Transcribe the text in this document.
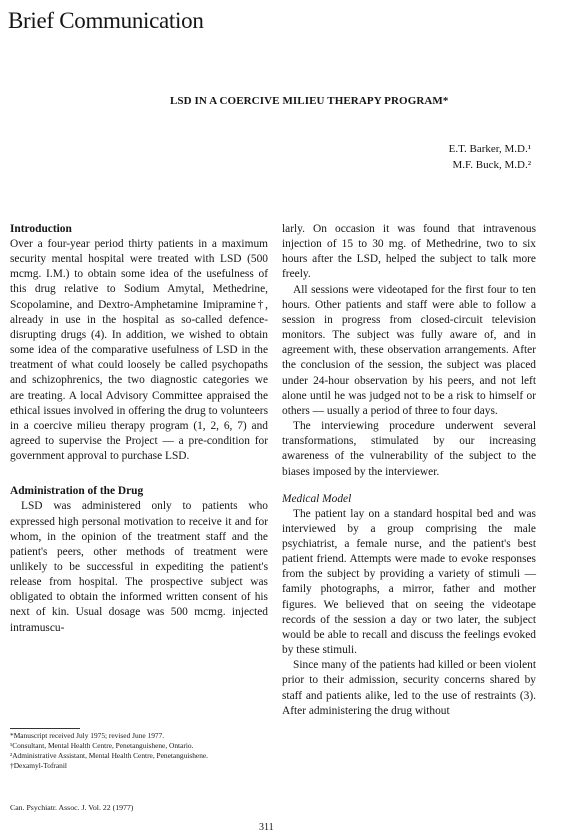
Brief Communication
LSD IN A COERCIVE MILIEU THERAPY PROGRAM*
E.T. Barker, M.D.¹
M.F. Buck, M.D.²
Introduction

Over a four-year period thirty patients in a maximum security mental hospital were treated with LSD (500 mcmg. I.M.) to obtain some idea of the usefulness of this drug relative to Sodium Amytal, Methedrine, Scopolamine, and Dextro-Amphetamine Imipramine†, already in use in the hospital as so-called defence-disrupting drugs (4). In addition, we wished to obtain some idea of the comparative usefulness of LSD in the treatment of what could loosely be called psychopaths and schizophrenics, the two diagnostic categories we are treating. A local Advisory Committee appraised the ethical issues involved in offering the drug to volunteers in a coercive milieu therapy program (1, 2, 6, 7) and agreed to supervise the Project — a pre-condition for government approval to purchase LSD.

Administration of the Drug

LSD was administered only to patients who expressed high personal motivation to receive it and for whom, in the opinion of the treatment staff and the patient's peers, other methods of treatment were unlikely to be successful in expediting the patient's release from hospital. The prospective subject was obligated to obtain the informed written consent of his next of kin. Usual dosage was 500 mcmg. injected intramuscu-

larly. On occasion it was found that intravenous injection of 15 to 30 mg. of Methedrine, two to six hours after the LSD, helped the subject to talk more freely.

All sessions were videotaped for the first four to ten hours. Other patients and staff were able to follow a session in progress from closed-circuit television monitors. The subject was fully aware of, and in agreement with, these observation arrangements. After the conclusion of the session, the subject was placed under 24-hour observation by his peers, and not left alone until he was judged not to be a risk to himself or others — usually a period of three to four days.

The interviewing procedure underwent several transformations, stimulated by our increasing awareness of the vulnerability of the subject to the biases imposed by the interviewer.

Medical Model

The patient lay on a standard hospital bed and was interviewed by a group comprising the male psychiatrist, a female nurse, and the patient's best patient friend. Attempts were made to evoke responses from the subject by providing a variety of stimuli — family photographs, a mirror, father and mother figures. We believed that on seeing the videotape records of the session a day or two later, the subject would be able to recall and discuss the feelings evoked by these stimuli.

Since many of the patients had killed or been violent prior to their admission, security concerns shared by staff and patients alike, led to the use of restraints (3). After administering the drug without

*Manuscript received July 1975; revised June 1977.
¹Consultant, Mental Health Centre, Penetanguishene, Ontario.
²Administrative Assistant, Mental Health Centre, Penetanguishene.
†Dexamyl-Tofranil
Can. Psychiatr. Assoc. J. Vol. 22 (1977)
311
